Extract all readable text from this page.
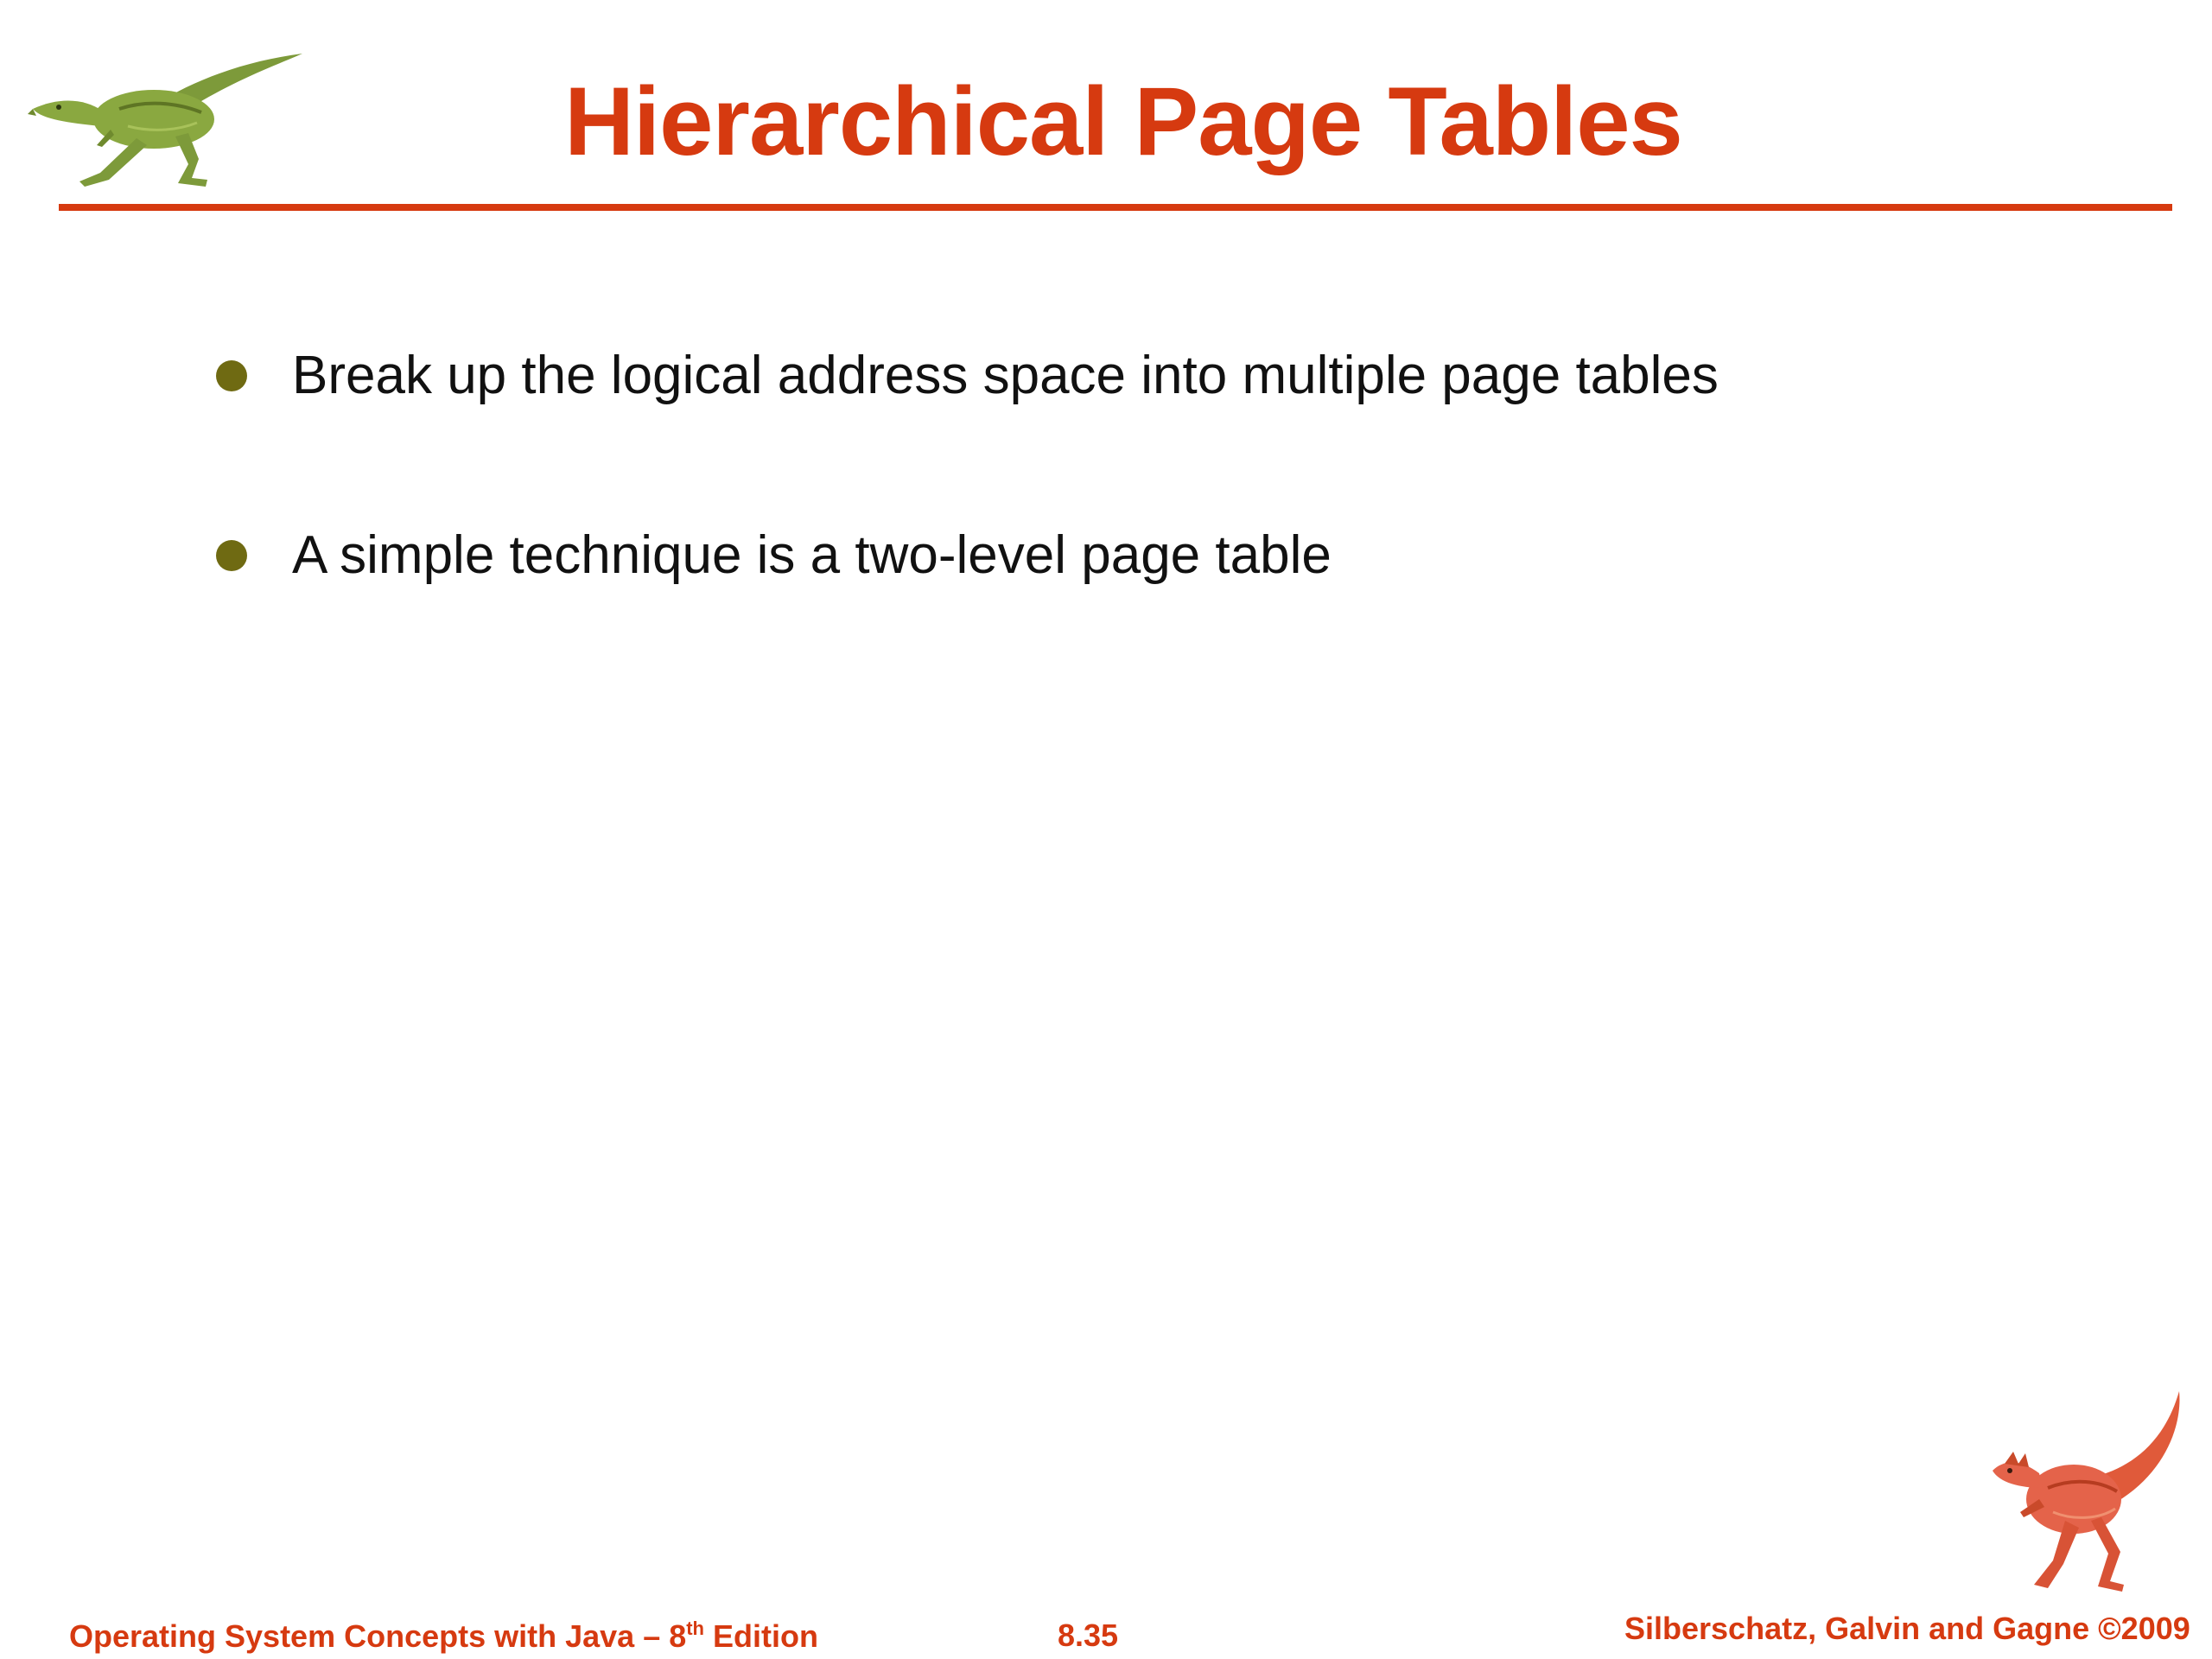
Hierarchical Page Tables
Break up the logical address space into multiple page tables
A simple technique is a two-level page table
Operating System Concepts with Java – 8th Edition	8.35	Silberschatz, Galvin and Gagne ©2009
